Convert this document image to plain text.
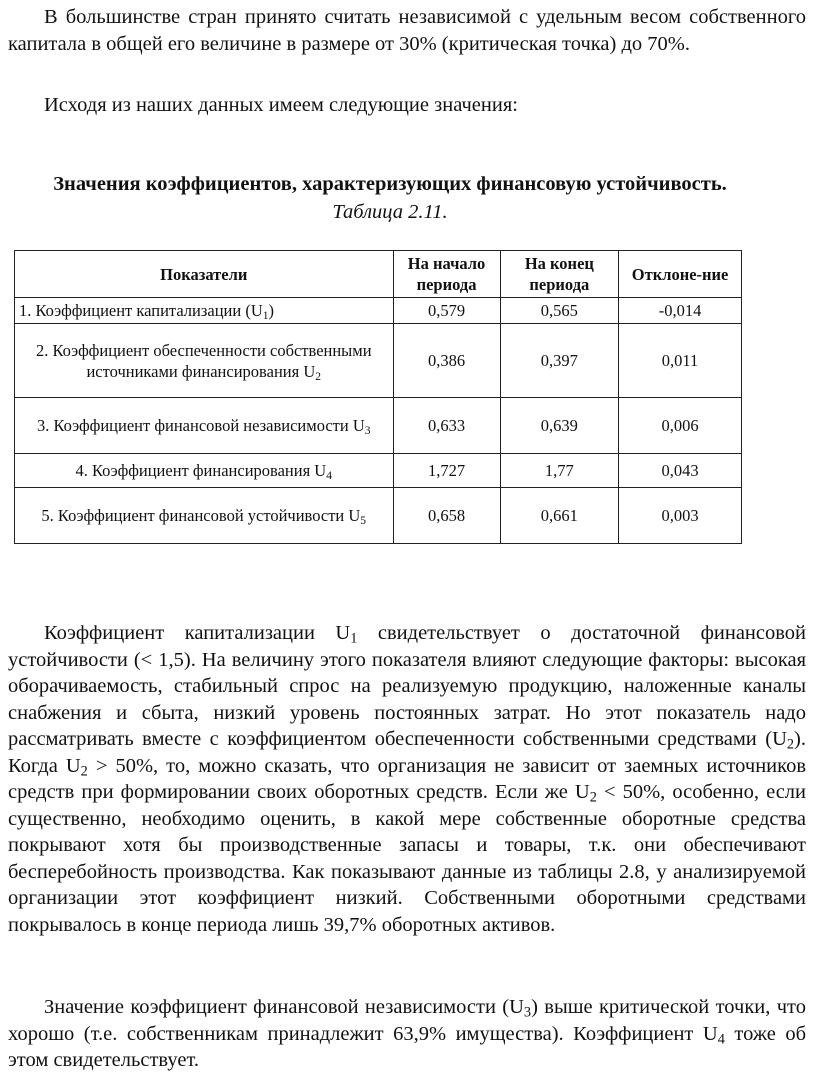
В большинстве стран принято считать независимой с удельным весом собственного капитала в общей его величине в размере от 30% (критическая точка) до 70%.

Исходя из наших данных имеем следующие значения:

Значения коэффициентов, характеризующих финансовую устойчивость. Таблица 2.11.
Показатели	На начало периода	На конец периода	Отклоне-ние
1. Коэффициент капитализации $(U_1)$	0,579	0,565	-0,014
2. Коэффициент обеспеченности собственными источниками финансирования $U_2$	0,386	0,397	0,011
3. Коэффициент финансовой независимости $U_3$	0,633	0,639	0,006
4. Коэффициент финансирования $U_4$	1,727	1,77	0,043
5. Коэффициент финансовой устойчивости $U_5$	0,658	0,661	0,003

Коэффициент капитализации $U_1$ свидетельствует о достаточной финансовой устойчивости (< 1,5). На величину этого показателя влияют следующие факторы: высокая оборачиваемость, стабильный спрос на реализуемую продукцию, наложенные каналы снабжения и сбыта, низкий уровень постоянных затрат. Но этот показатель надо рассматривать вместе с коэффициентом обеспеченности собственными средствами $(U_2)$. Когда $U_2 > 50\%$, то, можно сказать, что организация не зависит от заемных источников средств при формировании своих оборотных средств. Если же $U_2 < 50\%$, особенно, если существенно, необходимо оценить, в какой мере собственные оборотные средства покрывают хотя бы производственные запасы и товары, т.к. они обеспечивают бесперебойность производства. Как показывают данные из таблицы 2.8, у анализируемой организации этот коэффициент низкий. Собственными оборотными средствами покрывалось в конце периода лишь 39,7% оборотных активов.

Значение коэффициент финансовой независимости $(U_3)$ выше критической точки, что хорошо (т.е. собственникам принадлежит 63,9% имущества). Коэффициент $U_4$ тоже об этом свидетельствует.
